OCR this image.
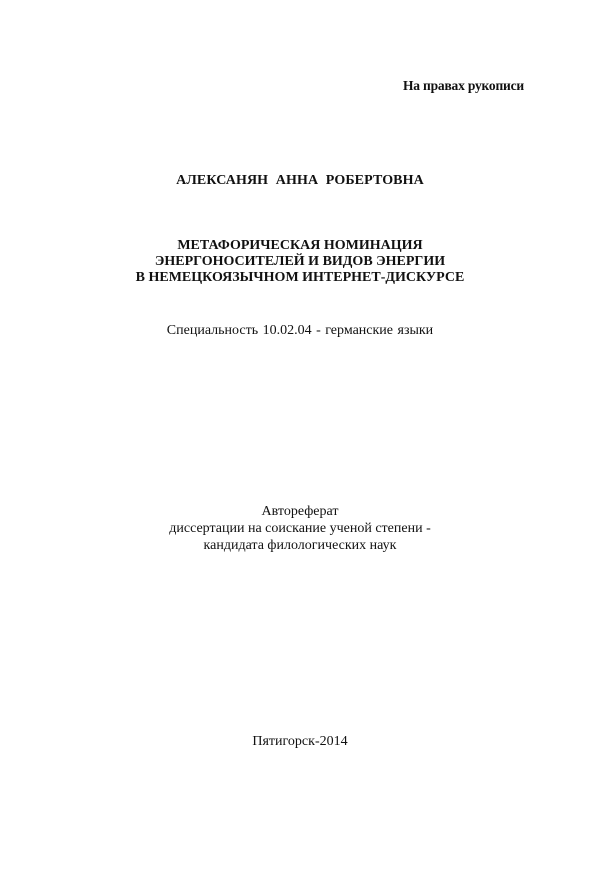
На правах рукописи
АЛЕКСАНЯН АННА РОБЕРТОВНА
МЕТАФОРИЧЕСКАЯ НОМИНАЦИЯ
ЭНЕРГОНОСИТЕЛЕЙ И ВИДОВ ЭНЕРГИИ
В НЕМЕЦКОЯЗЫЧНОМ ИНТЕРНЕТ-ДИСКУРСЕ
Специальность 10.02.04 - германские языки
Автореферат
диссертации на соискание ученой степени -
кандидата филологических наук
Пятигорск-2014
